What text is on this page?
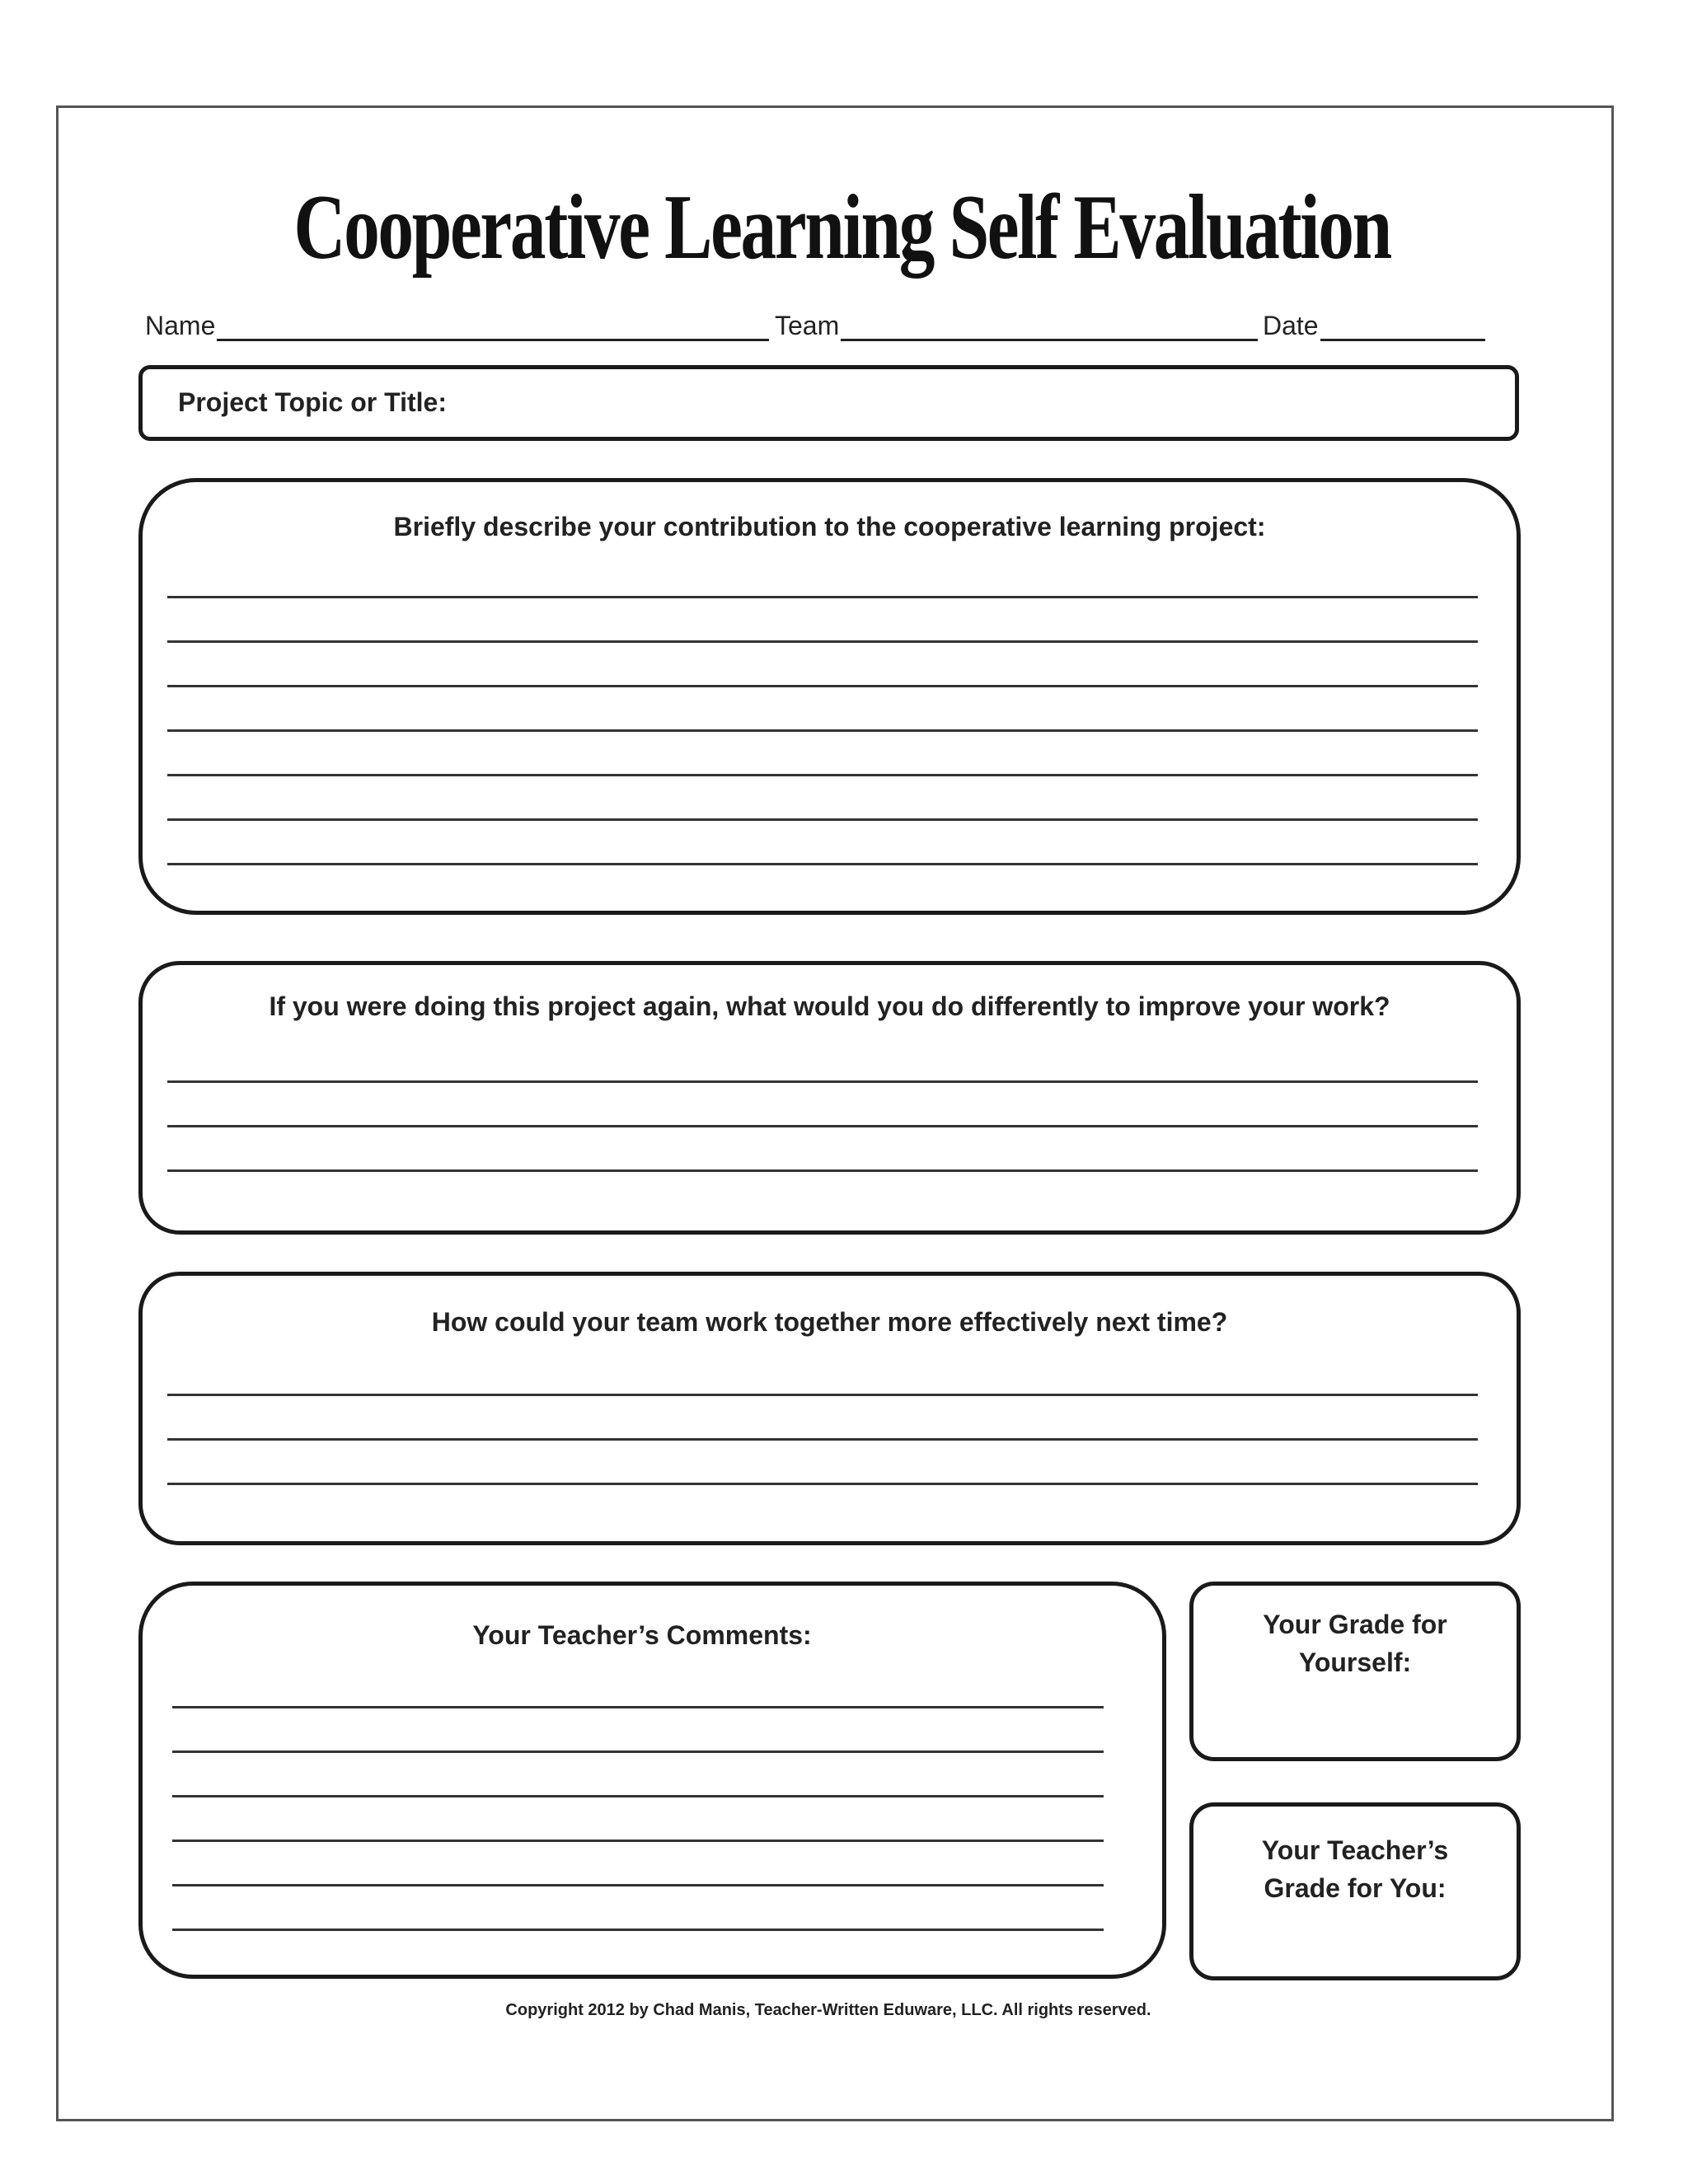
Cooperative Learning Self Evaluation
Name	Team	Date
Project Topic or Title:
Briefly describe your contribution to the cooperative learning project:
If you were doing this project again, what would you do differently to improve your work?
How could your team work together more effectively next time?
Your Teacher’s Comments:	Your Grade for
Yourself:
Your Teacher’s
Grade for You:
Copyright 2012 by Chad Manis, Teacher-Written Eduware, LLC. All rights reserved.
